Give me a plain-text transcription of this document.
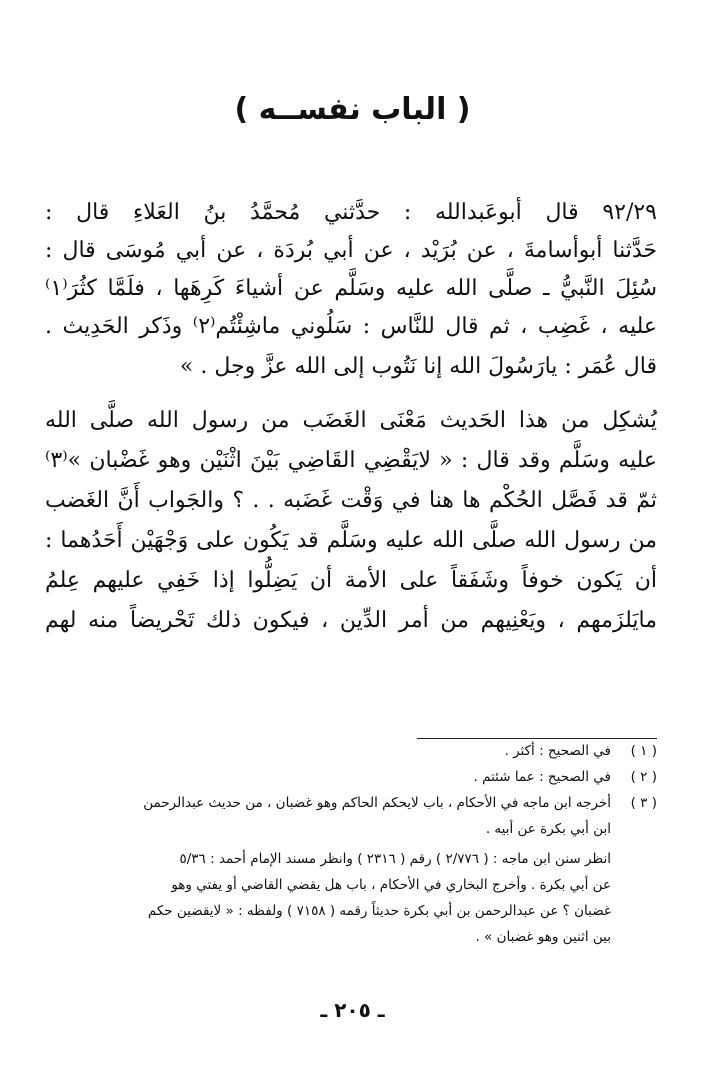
( الباب نفســه )
٩٢/٢٩ قال أبوعَبدالله : حدَّثني مُحمَّدُ بنُ العَلاءِ قال :
حَدَّثنا أبوأسامةَ ، عن بُرَيْد ، عن أبي بُردَة ، عن أبي مُوسَى قال :
سُئِلَ النَّبيُّ ـ صلَّى الله عليه وسَلَّم عن أشياءَ كَرِهَها ، فلَمَّا كثُرَ⁽١⁾
عليه ، غَضِب ، ثم قال للنَّاس : سَلُوني ماشِئْتُم⁽٢⁾ وذَكر الحَدِيث .
قال عُمَر : يارَسُولَ الله إنا نَتُوب إلى الله عزَّ وجل . »
يُشكِل من هذا الحَديث مَعْنَى الغَضَب من رسول الله صلَّى الله
عليه وسَلَّم وقد قال : « لايَقْضِي القَاضِي بَيْنَ اثْنَيْن وهو غَضْبان »⁽٣⁾
ثمّ قد فَصَّل الحُكْم ها هنا في وَقْت غَضَبه . . ؟ والجَواب أَنَّ الغَضب
من رسول الله صلَّى الله عليه وسَلَّم قد يَكُون على وَجْهَيْن أَحَدُهما :
أن يَكون خوفاً وشَفَقاً على الأمة أن يَضِلُّوا إذا خَفِي عليهم عِلمُ
مايَلزَمهم ، ويَعْنِيهم من أمر الدِّين ، فيكون ذلك تَحْريضاً منه لهم
( ١ )في الصحيح : أكثر .
( ٢ )في الصحيح : عما شئتم .
( ٣ )أخرجه ابن ماجه في الأحكام ، باب لايحكم الحاكم وهو غضبان ، من حديث عبدالرحمن
ابن أبي بكرة عن أبيه .
انظر سنن ابن ماجه : ( ٢/٧٧٦ ) رقم ( ٢٣١٦ ) وانظر مسند الإمام أحمد : ٥/٣٦
عن أبي بكرة . وأخرج البخاري في الأحكام ، باب هل يقضي القاضي أو يفتي وهو
غضبان ؟ عن عبدالرحمن بن أبي بكرة حديثاً رقمه ( ٧١٥٨ ) ولفظه : « لايقضين حكم
بين اثنين وهو غضبان » .
ـ ٢٠٥ ـ
